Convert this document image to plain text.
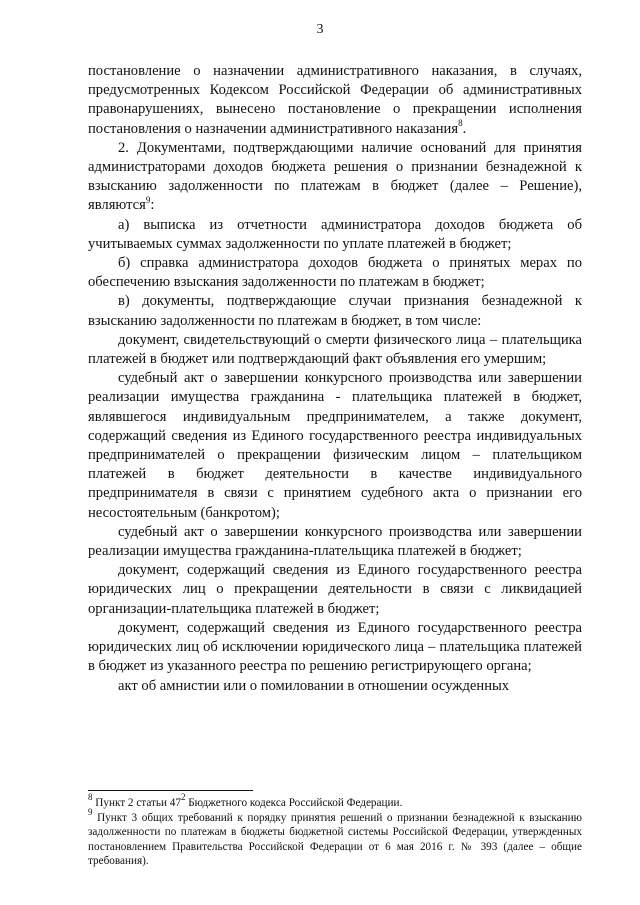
3

постановление о назначении административного наказания, в случаях, предусмотренных Кодексом Российской Федерации об административных правонарушениях, вынесено постановление о прекращении исполнения постановления о назначении административного наказания$^8$.

2. Документами, подтверждающими наличие оснований для принятия администраторами доходов бюджета решения о признании безнадежной к взысканию задолженности по платежам в бюджет (далее – Решение), являются$^9$:

а) выписка из отчетности администратора доходов бюджета об учитываемых суммах задолженности по уплате платежей в бюджет;

б) справка администратора доходов бюджета о принятых мерах по обеспечению взыскания задолженности по платежам в бюджет;

в) документы, подтверждающие случаи признания безнадежной к взысканию задолженности по платежам в бюджет, в том числе:

документ, свидетельствующий о смерти физического лица – плательщика платежей в бюджет или подтверждающий факт объявления его умершим;

судебный акт о завершении конкурсного производства или завершении реализации имущества гражданина - плательщика платежей в бюджет, являвшегося индивидуальным предпринимателем, а также документ, содержащий сведения из Единого государственного реестра индивидуальных предпринимателей о прекращении физическим лицом – плательщиком платежей в бюджет деятельности в качестве индивидуального предпринимателя в связи с принятием судебного акта о признании его несостоятельным (банкротом);

судебный акт о завершении конкурсного производства или завершении реализации имущества гражданина-плательщика платежей в бюджет;

документ, содержащий сведения из Единого государственного реестра юридических лиц о прекращении деятельности в связи с ликвидацией организации-плательщика платежей в бюджет;

документ, содержащий сведения из Единого государственного реестра юридических лиц об исключении юридического лица – плательщика платежей в бюджет из указанного реестра по решению регистрирующего органа;

акт об амнистии или о помиловании в отношении осужденных

$^8$ Пункт 2 статьи $47^2$ Бюджетного кодекса Российской Федерации.

$^9$ Пункт 3 общих требований к порядку принятия решений о признании безнадежной к взысканию задолженности по платежам в бюджеты бюджетной системы Российской Федерации, утвержденных постановлением Правительства Российской Федерации от 6 мая 2016 г. № 393 (далее – общие требования).
